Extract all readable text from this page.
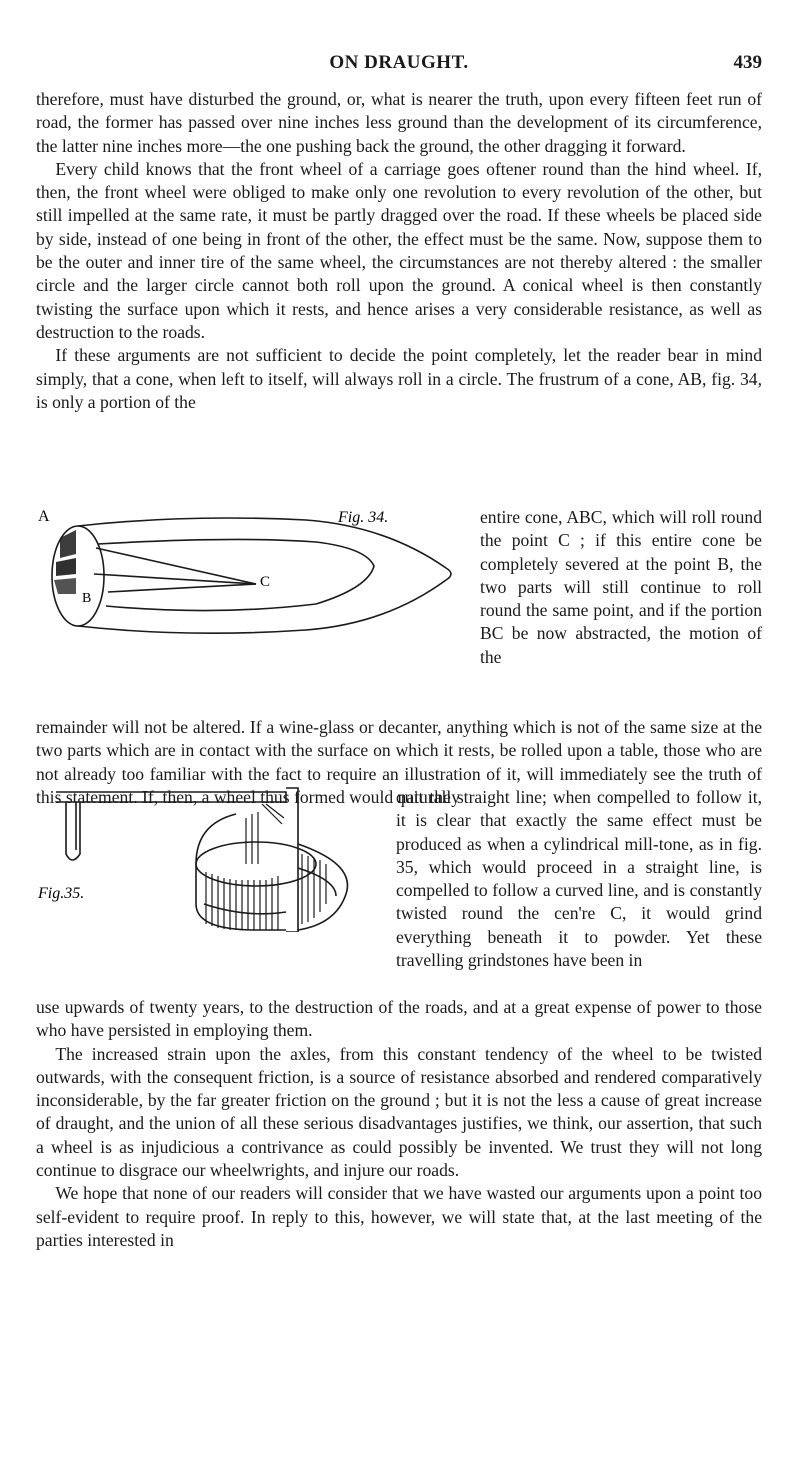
ON DRAUGHT.	439

therefore, must have disturbed the ground, or, what is nearer the truth, upon every fifteen feet run of road, the former has passed over nine inches less ground than the development of its circumference, the latter nine inches more—the one pushing back the ground, the other dragging it forward.

Every child knows that the front wheel of a carriage goes oftener round than the hind wheel. If, then, the front wheel were obliged to make only one revolution to every revolution of the other, but still impelled at the same rate, it must be partly dragged over the road. If these wheels be placed side by side, instead of one being in front of the other, the effect must be the same. Now, suppose them to be the outer and inner tire of the same wheel, the circumstances are not thereby altered : the smaller circle and the larger circle cannot both roll upon the ground. A conical wheel is then constantly twisting the surface upon which it rests, and hence arises a very considerable resistance, as well as destruction to the roads.

If these arguments are not sufficient to decide the point completely, let the reader bear in mind simply, that a cone, when left to itself, will always roll in a circle. The frustrum of a cone, AB, fig. 34, is only a portion of the

A
B
C
Fig. 34.	entire cone, ABC, which will roll round the point C ; if this entire cone be completely severed at the point B, the two parts will still continue to roll round the same point, and if the portion BC be now abstracted, the motion of the

remainder will not be altered. If a wine-glass or decanter, anything which is not of the same size at the two parts which are in contact with the surface on which it rests, be rolled upon a table, those who are not already too familiar with the fact to require an illustration of it, will immediately see the truth of this statement. If, then, a wheel thus formed would naturally

Fig.35.

quit the straight line; when compelled to follow it, it is clear that exactly the same effect must be produced as when a cylindrical mill-tone, as in fig. 35, which would proceed in a straight line, is compelled to follow a curved line, and is constantly twisted round the cen're C, it would grind everything beneath it to powder. Yet these travelling grindstones have been in

use upwards of twenty years, to the destruction of the roads, and at a great expense of power to those who have persisted in employing them.

The increased strain upon the axles, from this constant tendency of the wheel to be twisted outwards, with the consequent friction, is a source of resistance absorbed and rendered comparatively inconsiderable, by the far greater friction on the ground ; but it is not the less a cause of great increase of draught, and the union of all these serious disadvantages justifies, we think, our assertion, that such a wheel is as injudicious a contrivance as could possibly be invented. We trust they will not long continue to disgrace our wheelwrights, and injure our roads.

We hope that none of our readers will consider that we have wasted our arguments upon a point too self-evident to require proof. In reply to this, however, we will state that, at the last meeting of the parties interested in
